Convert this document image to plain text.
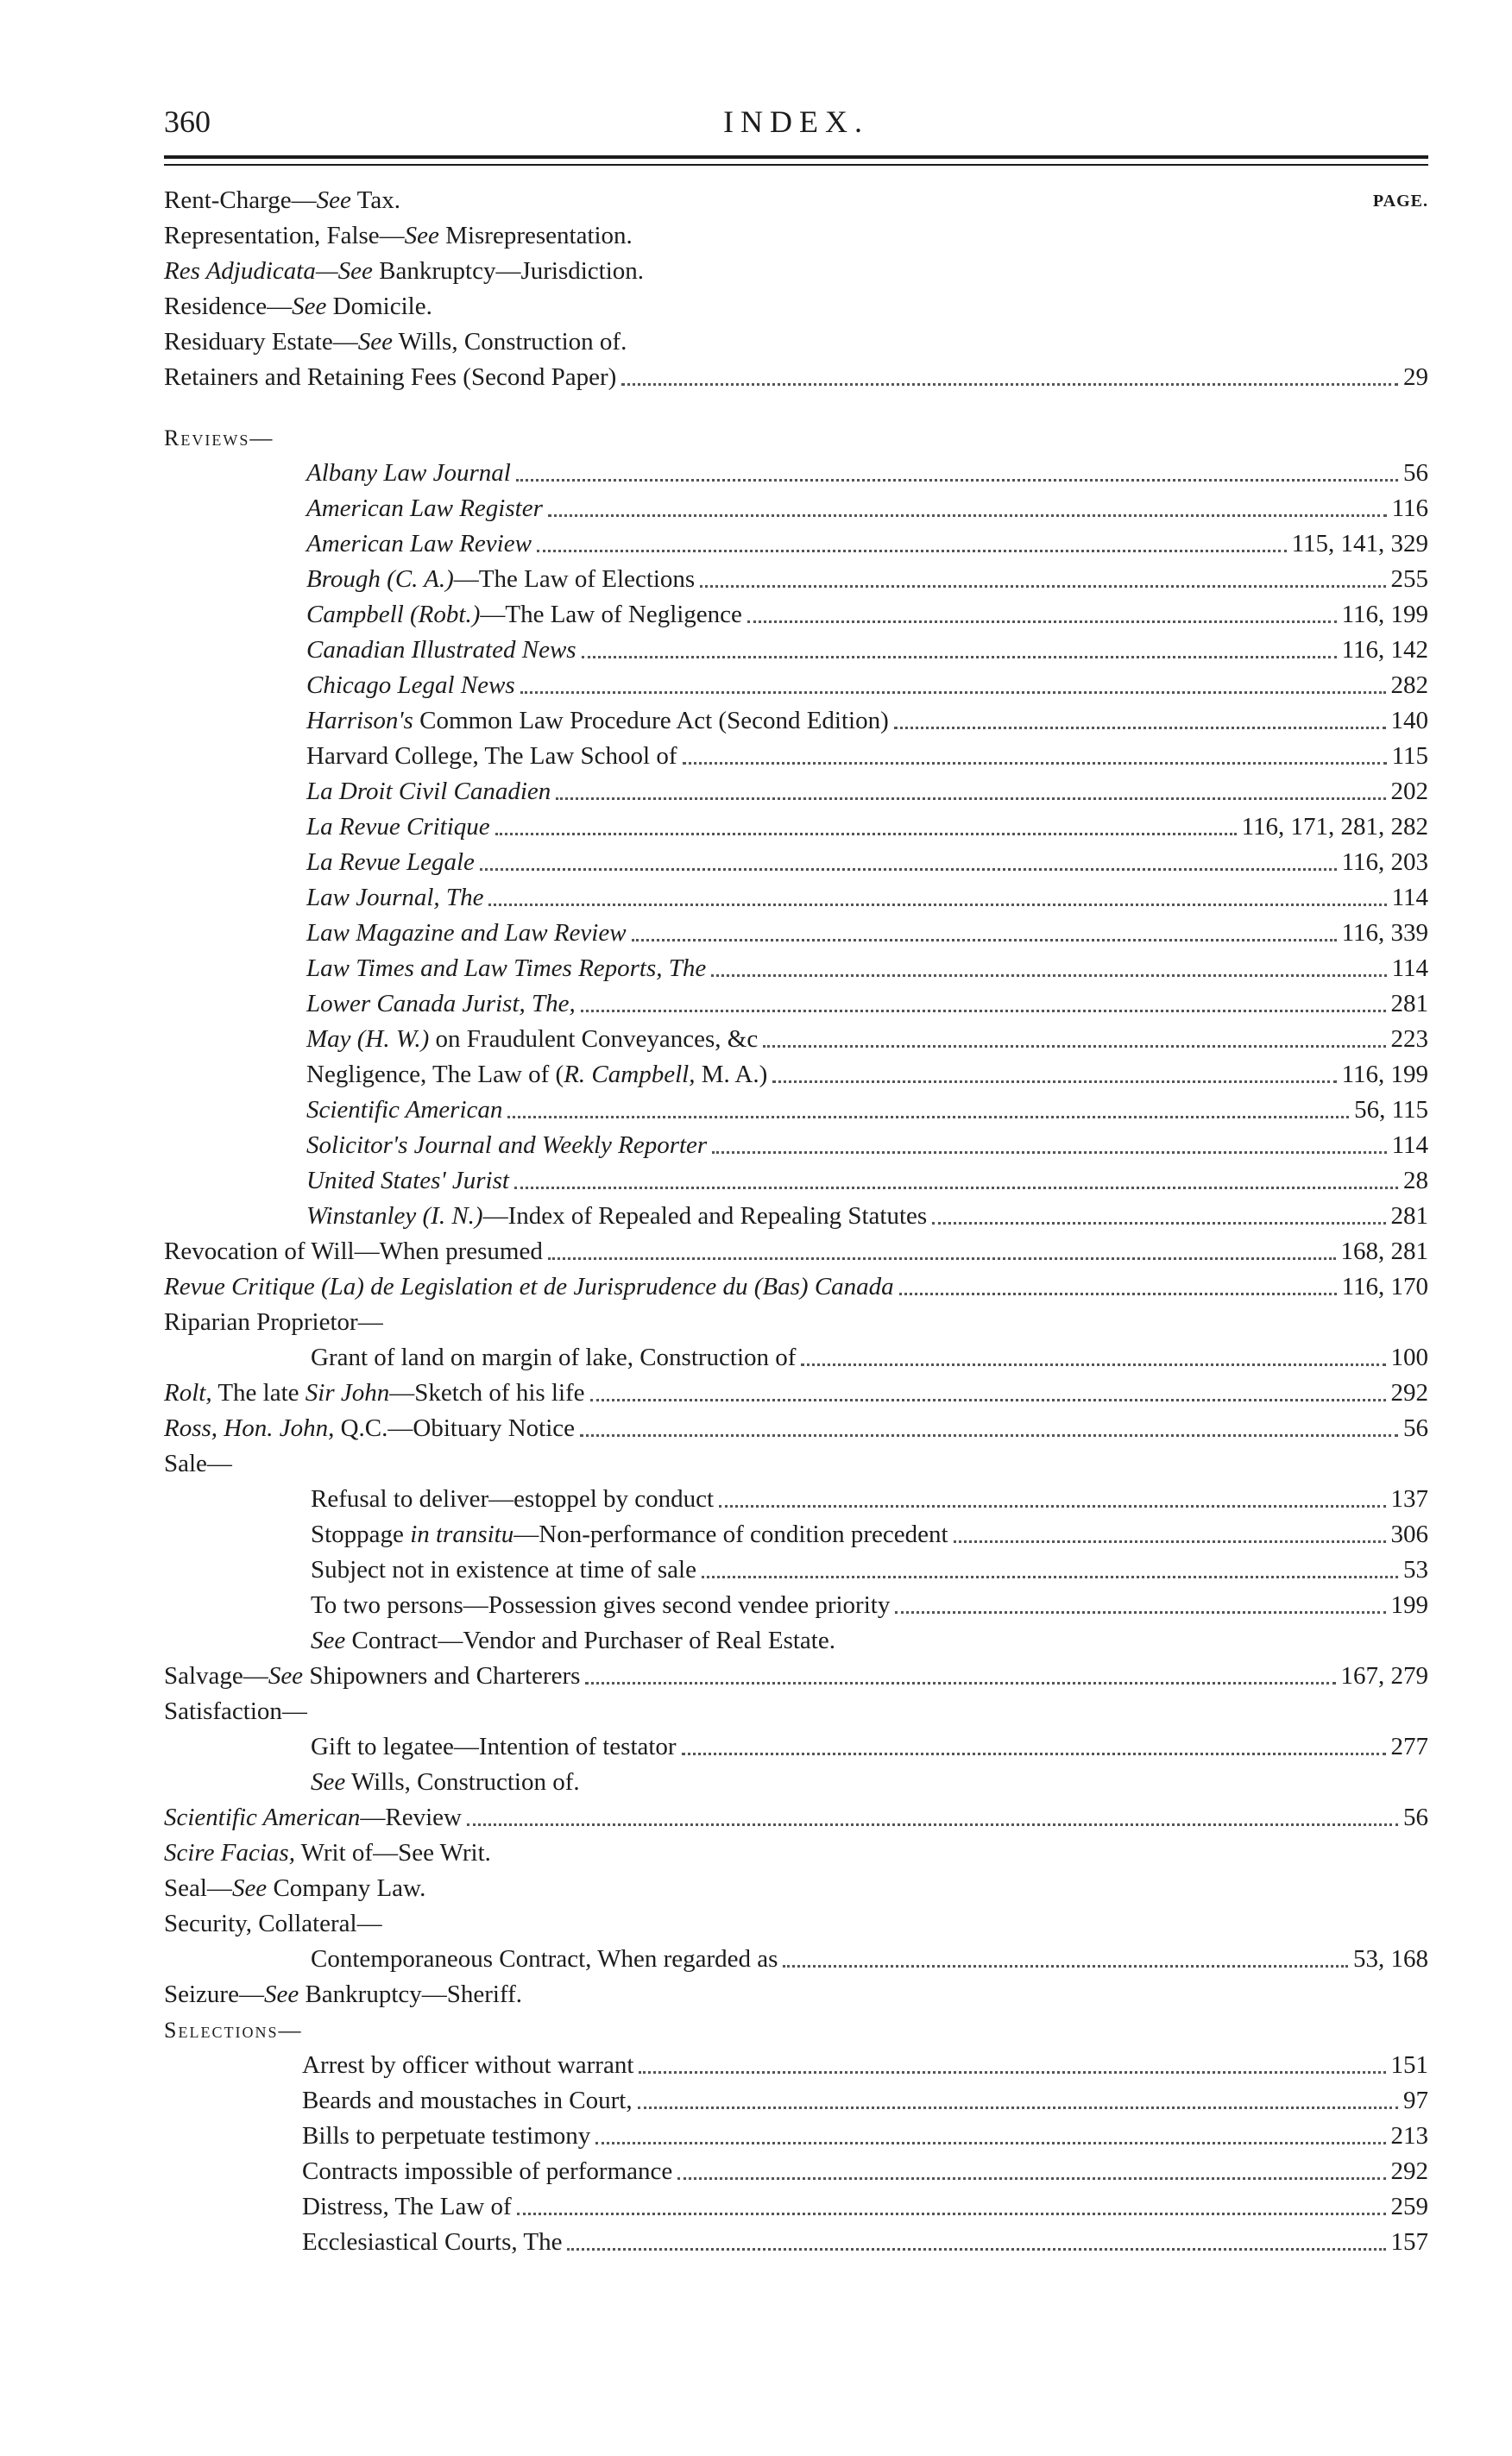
360	INDEX.
PAGE.
Rent-Charge—See Tax.
Representation, False—See Misrepresentation.
Res Adjudicata—See Bankruptcy—Jurisdiction.
Residence—See Domicile.
Residuary Estate—See Wills, Construction of.
Retainers and Retaining Fees (Second Paper)	29
Reviews—
Albany Law Journal	56
American Law Register	116
American Law Review	115, 141, 329
Brough (C. A.)—The Law of Elections	255
Campbell (Robt.)—The Law of Negligence	116, 199
Canadian Illustrated News	116, 142
Chicago Legal News	282
Harrison's Common Law Procedure Act (Second Edition)	140
Harvard College, The Law School of	115
La Droit Civil Canadien	202
La Revue Critique	116, 171, 281, 282
La Revue Legale	116, 203
Law Journal, The	114
Law Magazine and Law Review	116, 339
Law Times and Law Times Reports, The	114
Lower Canada Jurist, The,	281
May (H. W.) on Fraudulent Conveyances, &c	223
Negligence, The Law of (R. Campbell, M. A.)	116, 199
Scientific American	56, 115
Solicitor's Journal and Weekly Reporter	114
United States' Jurist	28
Winstanley (I. N.)—Index of Repealed and Repealing Statutes	281
Revocation of Will—When presumed	168, 281
Revue Critique (La) de Legislation et de Jurisprudence du (Bas) Canada	116, 170
Riparian Proprietor—
Grant of land on margin of lake, Construction of	100
Rolt, The late Sir John—Sketch of his life	292
Ross, Hon. John, Q.C.—Obituary Notice	56
Sale—
Refusal to deliver—estoppel by conduct	137
Stoppage in transitu—Non-performance of condition precedent	306
Subject not in existence at time of sale	53
To two persons—Possession gives second vendee priority	199
See Contract—Vendor and Purchaser of Real Estate.
Salvage—See Shipowners and Charterers	167, 279
Satisfaction—
Gift to legatee—Intention of testator	277
See Wills, Construction of.
Scientific American—Review	56
Scire Facias, Writ of—See Writ.
Seal—See Company Law.
Security, Collateral—
Contemporaneous Contract, When regarded as	53, 168
Seizure—See Bankruptcy—Sheriff.
Selections—
Arrest by officer without warrant	151
Beards and moustaches in Court,	97
Bills to perpetuate testimony	213
Contracts impossible of performance	292
Distress, The Law of	259
Ecclesiastical Courts, The	157
